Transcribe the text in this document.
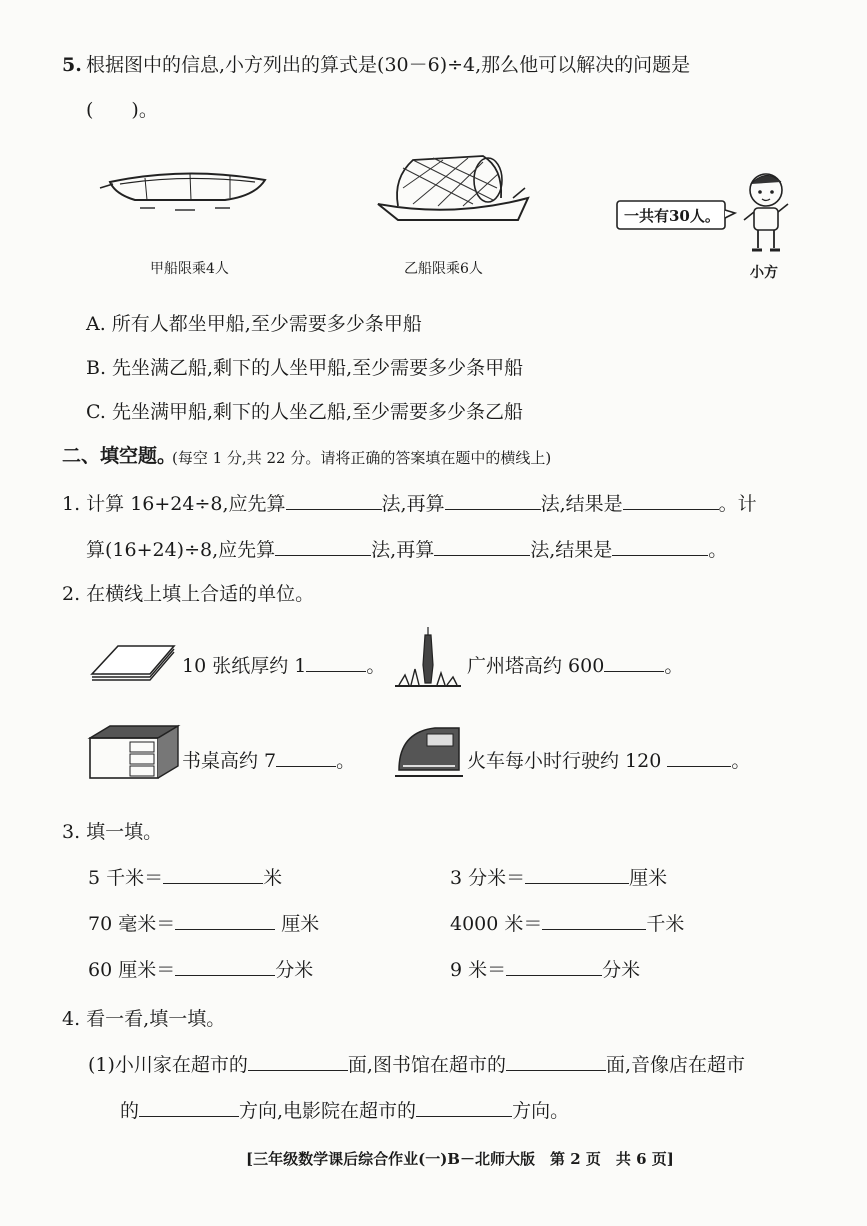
5. 根据图中的信息,小方列出的算式是(30－6)÷4,那么他可以解决的问题是
(　　)。
甲船限乘4人	乙船限乘6人
一共有30人。
小方
A. 所有人都坐甲船,至少需要多少条甲船
B. 先坐满乙船,剩下的人坐甲船,至少需要多少条甲船
C. 先坐满甲船,剩下的人坐乙船,至少需要多少条乙船
二、填空题。
(每空 1 分,共 22 分。请将正确的答案填在题中的横线上)
1. 计算 16+24÷8,应先算	法,再算	法,结果是	。计
算(16+24)÷8,应先算	法,再算	法,结果是	。
2. 在横线上填上合适的单位。
10 张纸厚约 1	。	广州塔高约 600	。
书桌高约 7	。	火车每小时行驶约 120	。
3. 填一填。
5 千米＝	米	3 分米＝	厘米
70 毫米＝	厘米	4000 米＝	千米
60 厘米＝	分米	9 米＝	分米
4. 看一看,填一填。
(1)小川家在超市的	面,图书馆在超市的	面,音像店在超市
的	方向,电影院在超市的	方向。
[三年级数学课后综合作业(一)B－北师大版　第 2 页　共 6 页]
